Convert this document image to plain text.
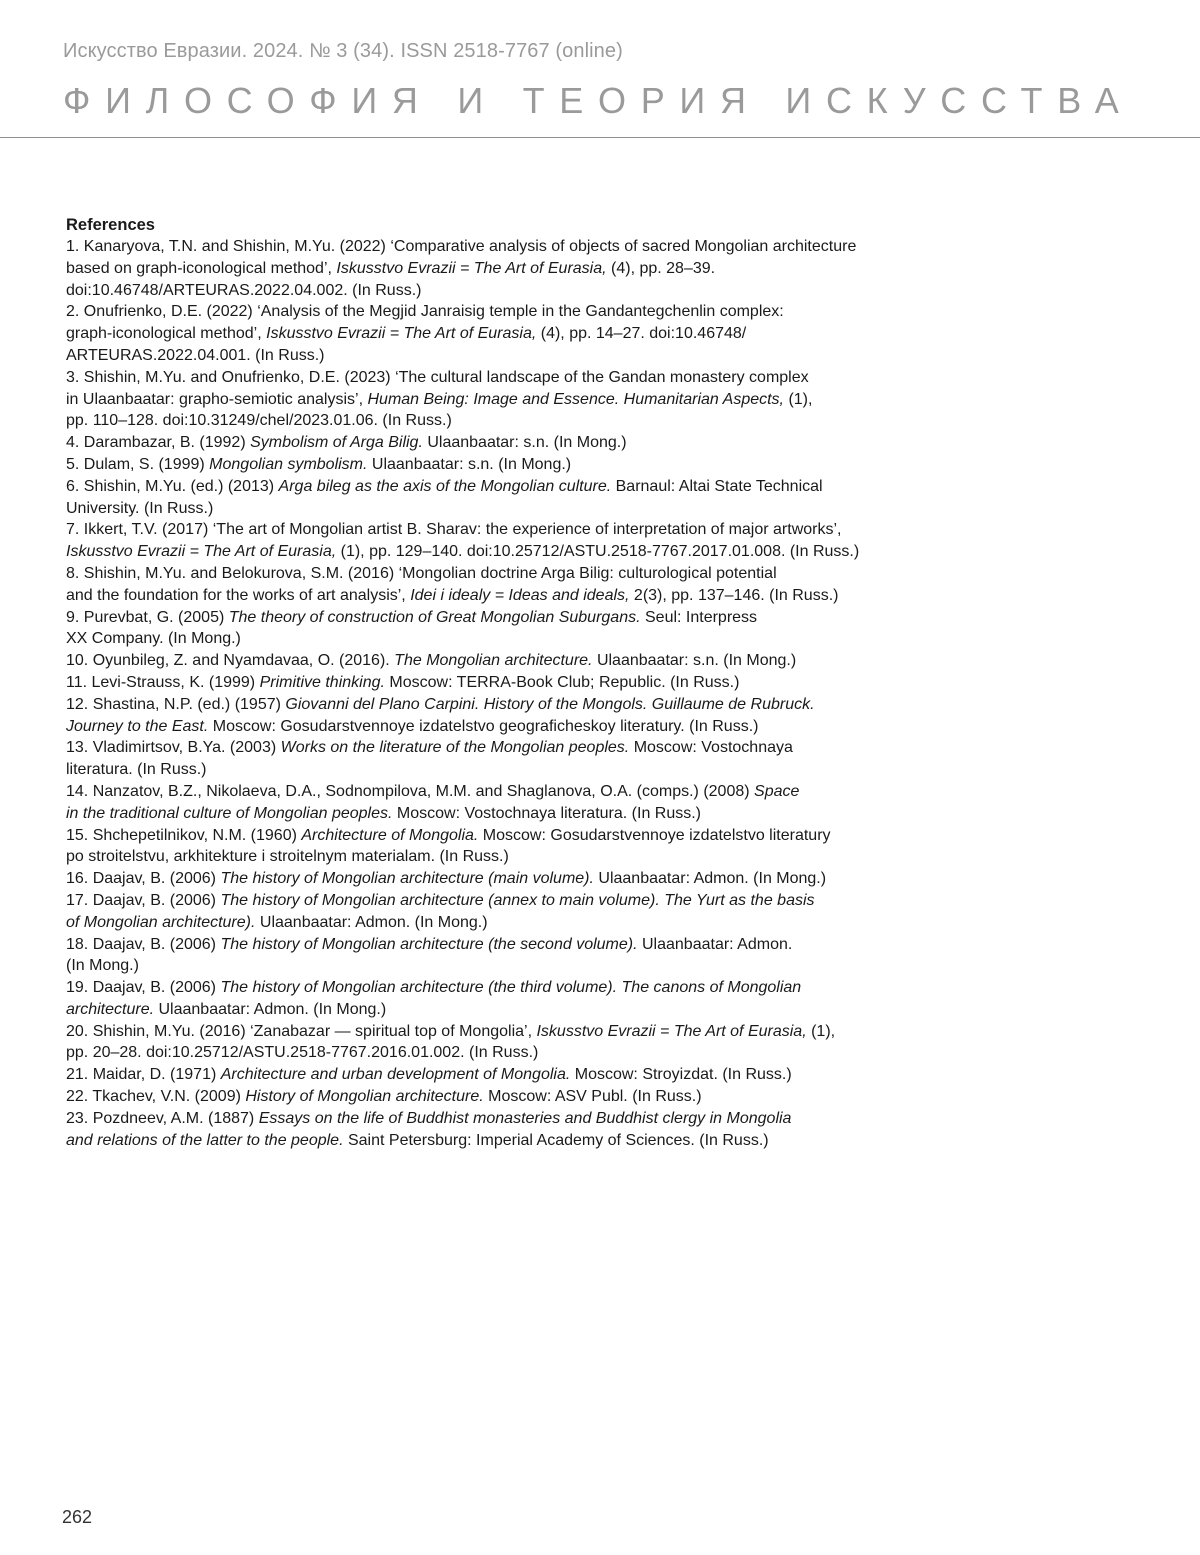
Искусство Евразии. 2024. № 3 (34). ISSN 2518-7767 (online)
ФИЛОСОФИЯ И ТЕОРИЯ ИСКУССТВА

References

1. Kanaryova, T.N. and Shishin, M.Yu. (2022) ‘Comparative analysis of objects of sacred Mongolian architecture
based on graph-iconological method’, Iskusstvo Evrazii = The Art of Eurasia, (4), pp. 28–39.
doi:10.46748/ARTEURAS.2022.04.002. (In Russ.)
2. Onufrienko, D.E. (2022) ‘Analysis of the Megjid Janraisig temple in the Gandantegchenlin complex:
graph-iconological method’, Iskusstvo Evrazii = The Art of Eurasia, (4), pp. 14–27. doi:10.46748/
ARTEURAS.2022.04.001. (In Russ.)
3. Shishin, M.Yu. and Onufrienko, D.E. (2023) ‘The cultural landscape of the Gandan monastery complex
in Ulaanbaatar: grapho-semiotic analysis’, Human Being: Image and Essence. Humanitarian Aspects, (1),
pp. 110–128. doi:10.31249/chel/2023.01.06. (In Russ.)
4. Darambazar, B. (1992) Symbolism of Arga Bilig. Ulaanbaatar: s.n. (In Mong.)
5. Dulam, S. (1999) Mongolian symbolism. Ulaanbaatar: s.n. (In Mong.)
6. Shishin, M.Yu. (ed.) (2013) Arga bileg as the axis of the Mongolian culture. Barnaul: Altai State Technical
University. (In Russ.)
7. Ikkert, T.V. (2017) ‘The art of Mongolian artist B. Sharav: the experience of interpretation of major artworks’,
Iskusstvo Evrazii = The Art of Eurasia, (1), pp. 129–140. doi:10.25712/ASTU.2518-7767.2017.01.008. (In Russ.)
8. Shishin, M.Yu. and Belokurova, S.M. (2016) ‘Mongolian doctrine Arga Bilig: culturological potential
and the foundation for the works of art analysis’, Idei i idealy = Ideas and ideals, 2(3), pp. 137–146. (In Russ.)
9. Purevbat, G. (2005) The theory of construction of Great Mongolian Suburgans. Seul: Interpress
XX Company. (In Mong.)
10. Oyunbileg, Z. and Nyamdavaa, O. (2016). The Mongolian architecture. Ulaanbaatar: s.n. (In Mong.)
11. Levi-Strauss, K. (1999) Primitive thinking. Moscow: TERRA-Book Club; Republic. (In Russ.)
12. Shastina, N.P. (ed.) (1957) Giovanni del Plano Carpini. History of the Mongols. Guillaume de Rubruck.
Journey to the East. Moscow: Gosudarstvennoye izdatelstvo geograficheskoy literatury. (In Russ.)
13. Vladimirtsov, B.Ya. (2003) Works on the literature of the Mongolian peoples. Moscow: Vostochnaya
literatura. (In Russ.)
14. Nanzatov, B.Z., Nikolaeva, D.A., Sodnompilova, M.M. and Shaglanova, O.A. (comps.) (2008) Space
in the traditional culture of Mongolian peoples. Moscow: Vostochnaya literatura. (In Russ.)
15. Shchepetilnikov, N.M. (1960) Architecture of Mongolia. Moscow: Gosudarstvennoye izdatelstvo literatury
po stroitelstvu, arkhitekture i stroitelnym materialam. (In Russ.)
16. Daajav, B. (2006) The history of Mongolian architecture (main volume). Ulaanbaatar: Admon. (In Mong.)
17. Daajav, B. (2006) The history of Mongolian architecture (annex to main volume). The Yurt as the basis
of Mongolian architecture). Ulaanbaatar: Admon. (In Mong.)
18. Daajav, B. (2006) The history of Mongolian architecture (the second volume). Ulaanbaatar: Admon.
(In Mong.)
19. Daajav, B. (2006) The history of Mongolian architecture (the third volume). The canons of Mongolian
architecture. Ulaanbaatar: Admon. (In Mong.)
20. Shishin, M.Yu. (2016) ‘Zanabazar — spiritual top of Mongolia’, Iskusstvo Evrazii = The Art of Eurasia, (1),
pp. 20–28. doi:10.25712/ASTU.2518-7767.2016.01.002. (In Russ.)
21. Maidar, D. (1971) Architecture and urban development of Mongolia. Moscow: Stroyizdat. (In Russ.)
22. Tkachev, V.N. (2009) History of Mongolian architecture. Moscow: ASV Publ. (In Russ.)
23. Pozdneev, A.M. (1887) Essays on the life of Buddhist monasteries and Buddhist clergy in Mongolia
and relations of the latter to the people. Saint Petersburg: Imperial Academy of Sciences. (In Russ.)
262
